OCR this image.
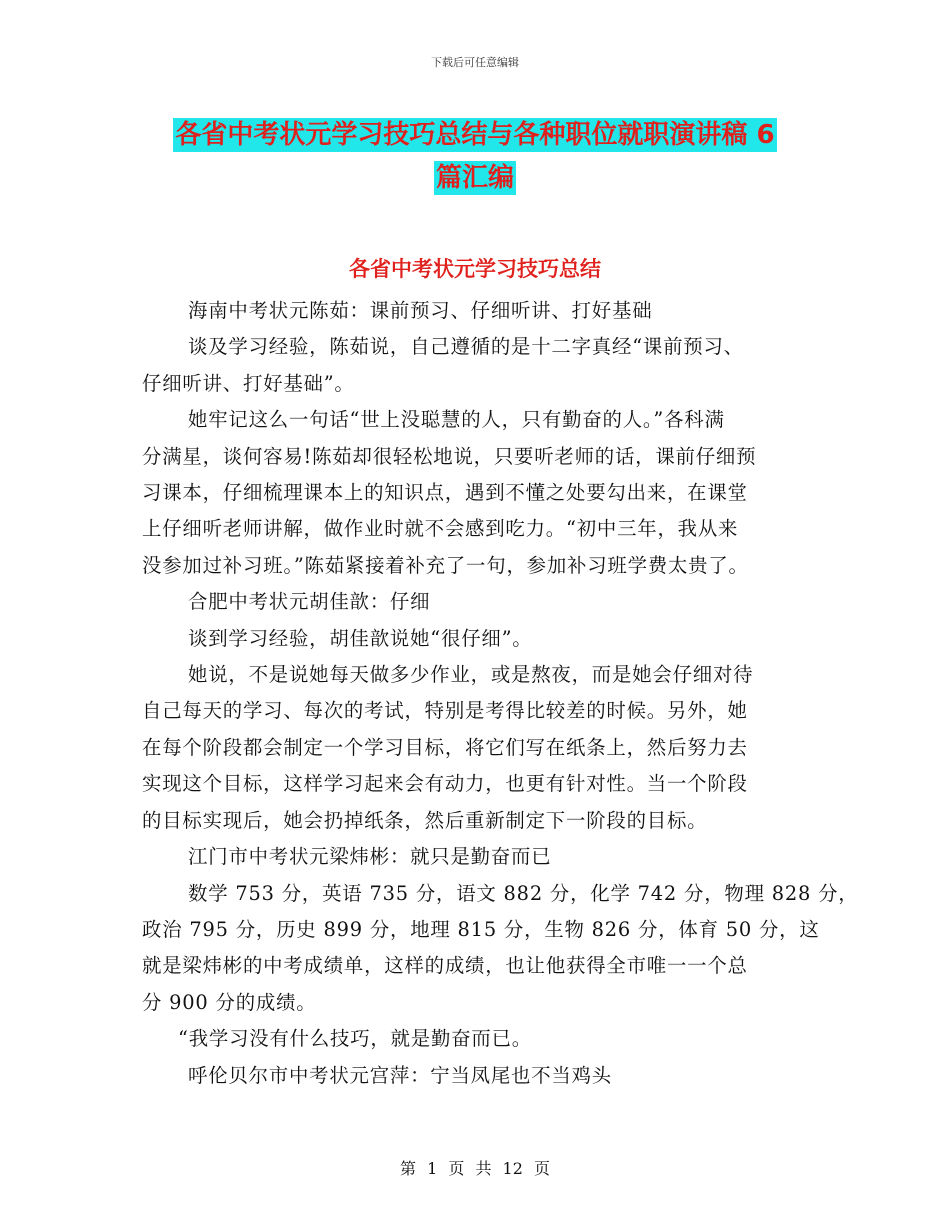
下载后可任意编辑
各省中考状元学习技巧总结与各种职位就职演讲稿 6
篇汇编
各省中考状元学习技巧总结

海南中考状元陈茹：课前预习、仔细听讲、打好基础

谈及学习经验，陈茹说，自己遵循的是十二字真经“课前预习、

仔细听讲、打好基础”。

她牢记这么一句话“世上没聪慧的人，只有勤奋的人。”各科满

分满星，谈何容易!陈茹却很轻松地说，只要听老师的话，课前仔细预

习课本，仔细梳理课本上的知识点，遇到不懂之处要勾出来，在课堂

上仔细听老师讲解，做作业时就不会感到吃力。“初中三年，我从来

没参加过补习班。”陈茹紧接着补充了一句，参加补习班学费太贵了。

合肥中考状元胡佳歆：仔细

谈到学习经验，胡佳歆说她“很仔细”。

她说，不是说她每天做多少作业，或是熬夜，而是她会仔细对待

自己每天的学习、每次的考试，特别是考得比较差的时候。另外，她

在每个阶段都会制定一个学习目标，将它们写在纸条上，然后努力去

实现这个目标，这样学习起来会有动力，也更有针对性。当一个阶段

的目标实现后，她会扔掉纸条，然后重新制定下一阶段的目标。

江门市中考状元梁炜彬：就只是勤奋而已

数学 753 分，英语 735 分，语文 882 分，化学 742 分，物理 828 分，

政治 795 分，历史 899 分，地理 815 分，生物 826 分，体育 50 分，这

就是梁炜彬的中考成绩单，这样的成绩，也让他获得全市唯一一个总

分 900 分的成绩。

“我学习没有什么技巧，就是勤奋而已。

呼伦贝尔市中考状元宫萍：宁当凤尾也不当鸡头

第 1 页 共 12 页
